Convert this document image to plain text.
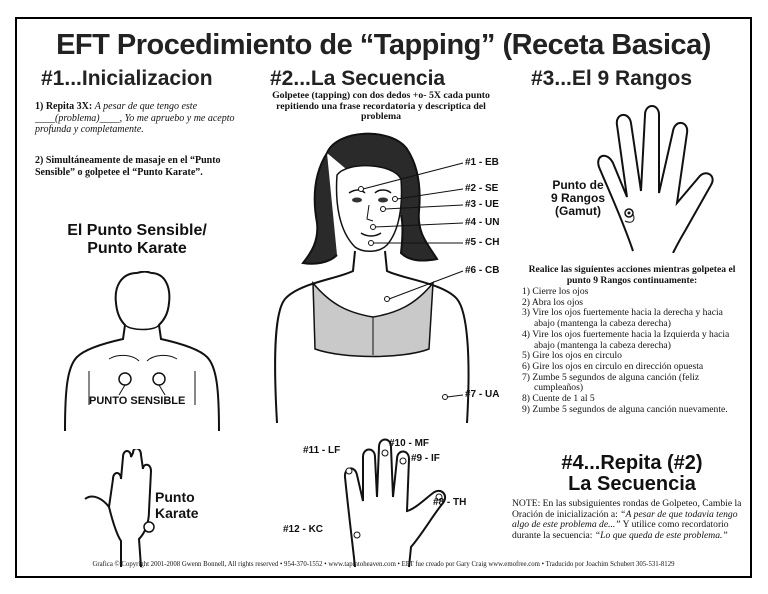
EFT Procedimiento de “Tapping” (Receta Basica)
#1...Inicializacion
1) Repita 3X: A pesar de que tengo este ____(problema)____, Yo me apruebo y me acepto profunda y completamente.
2) Simultáneamente de masaje en el “Punto Sensible” o golpetee el “Punto Karate”.
El Punto Sensible/
Punto Karate
PUNTO SENSIBLE
Punto
Karate
#2...La Secuencia
Golpetee (tapping) con dos dedos +o- 5X cada punto repitiendo una frase recordatoria y descriptica del problema
#1 - EB
#2 - SE
#3 - UE
#4 - UN
#5 - CH
#6 - CB
#7 - UA
#8 - TH
#9 - IF
#10 - MF
#11 - LF
#12 - KC
#3...El 9 Rangos
Punto de
9 Rangos
(Gamut)
Realice las siguientes acciones mientras golpetea el punto 9 Rangos continuamente:
1) Cierre los ojos
2) Abra los ojos
3) Vire los ojos fuertemente hacia la derecha y hacia abajo (mantenga la cabeza derecha)
4) Vire los ojos fuertemente hacia la Izquierda y hacia abajo (mantenga la cabeza derecha)
5) Gire los ojos en circulo
6) Gire los ojos en circulo en dirección opuesta
7) Zumbe 5 segundos de alguna canción (feliz cumpleaños)
8) Cuente de 1 al 5
9) Zumbe 5 segundos de alguna canción nuevamente.
#4...Repita (#2)
La Secuencia
NOTE: En las subsiguientes rondas de Golpeteo, Cambie la Oración de inicialización a: “A pesar de que todavia tengo algo de este problema de...” Y utilice como recordatorio durante la secuencia: “Lo que queda de este problema.”
Grafica © Copyright 2001-2008 Gwenn Bonnell, All rights reserved • 954-370-1552 • www.tapintoheaven.com • EFT fue creado por Gary Craig www.emofree.com • Traducido por Joachim Schubert 305-531-8129
